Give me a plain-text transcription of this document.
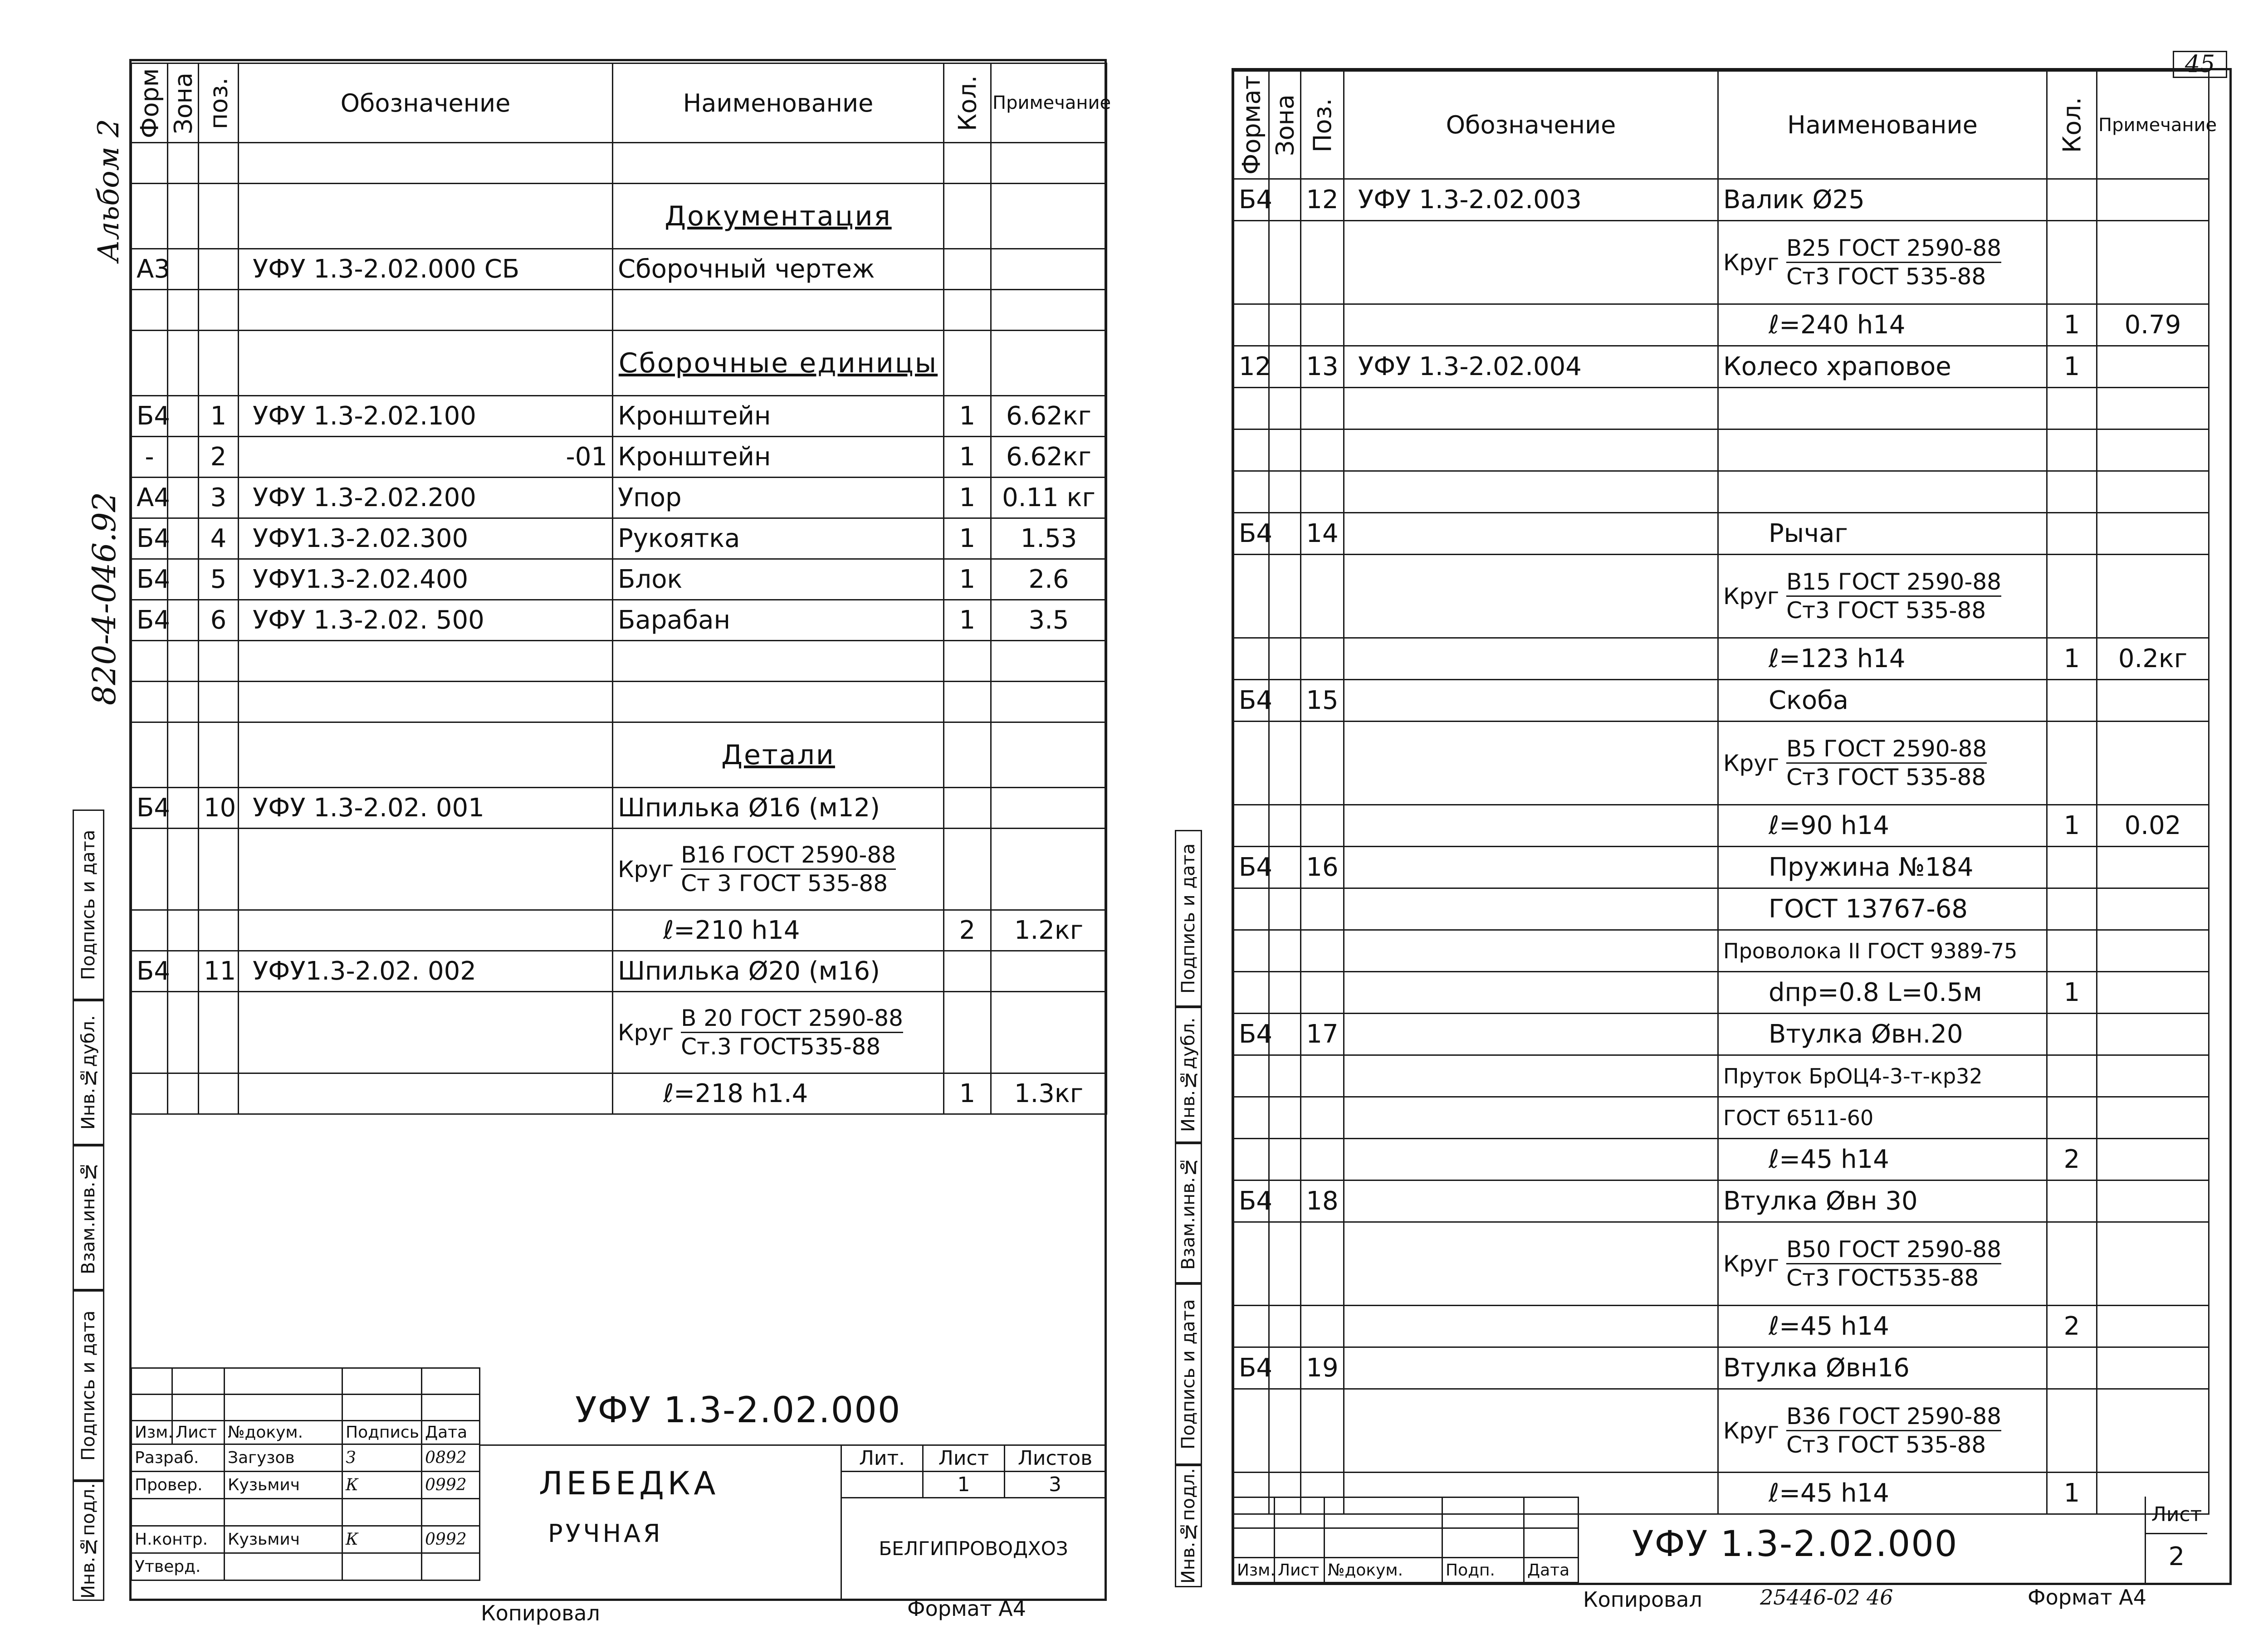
Альбом 2
820-4-046.92
Подпись и дата
Инв.№дубл.
Взам.инв.№
Подпись и дата
Инв.№подл.
Форм	Зона	поз.	Обозначение	Наименование	Кол.	Примечание

				Документация		
А3			УФУ 1.3-2.02.000 СБ	Сборочный чертеж		

				Сборочные единицы		
Б4		1	УФУ 1.3-2.02.100	Кронштейн	1	6.62кг
-		2	-01	Кронштейн	1	6.62кг
А4		3	УФУ 1.3-2.02.200	Упор	1	0.11 кг
Б4		4	УФУ1.3-2.02.300	Рукоятка	1	1.53
Б4		5	УФУ1.3-2.02.400	Блок	1	2.6
Б4		6	УФУ 1.3-2.02. 500	Барабан	1	3.5

				Детали		
Б4		10	УФУ 1.3-2.02. 001	Шпилька Ø16 (м12)		

				Круг $\frac{\text{В16 ГОСТ 2590-88}}{\text{Ст 3 ГОСТ 535-88}}$

				ℓ=210 h14	2	1.2кг
Б4		11	УФУ1.3-2.02. 002	Шпилька Ø20 (м16)		

				Круг $\frac{\text{В 20 ГОСТ 2590-88}}{\text{Ст.3 ГОСТ535-88}}$

				ℓ=218 h1.4	1	1.3кг

Изм.	Лист	№докум.	Подпись	Дата
Разраб.		Загузов	З	0892
Провер.		Кузьмич	К	0992

Н.контр.		Кузьмич	К	0992
Утверд.				
УФУ 1.3-2.02.000
ЛЕБЕДКА
РУЧНАЯ
Лит.	Лист	Листов
	1	3
БЕЛГИПРОВОДХОЗ		
Копировал	Формат А4
Подпись и дата
Инв.№дубл.
Взам.инв.№
Подпись и дата
Инв.№подл.
45
Формат	Зона	Поз.	Обозначение	Наименование	Кол.	Примечание
Б4		12	УФУ 1.3-2.02.003	Валик Ø25		

				Круг $\frac{\text{В25 ГОСТ 2590-88}}{\text{Ст3 ГОСТ 535-88}}$

				ℓ=240 h14	1	0.79
12		13	УФУ 1.3-2.02.004	Колесо храповое	1	

Б4		14		Рычаг		

				Круг $\frac{\text{В15 ГОСТ 2590-88}}{\text{Ст3 ГОСТ 535-88}}$

				ℓ=123 h14	1	0.2кг
Б4		15		Скоба		

				Круг $\frac{\text{В5 ГОСТ 2590-88}}{\text{Ст3 ГОСТ 535-88}}$

				ℓ=90 h14	1	0.02
Б4		16		Пружина №184		
				ГОСТ 13767-68		
				Проволока II ГОСТ 9389-75		
				dпр=0.8 L=0.5м	1	
Б4		17		Втулка Øвн.20		
				Пруток БрОЦ4-3-т-кр32		
				ГОСТ 6511-60		
				ℓ=45 h14	2	
Б4		18		Втулка Øвн 30		

				Круг $\frac{\text{В50 ГОСТ 2590-88}}{\text{Ст3 ГОСТ535-88}}$

				ℓ=45 h14	2	
Б4		19		Втулка Øвн16		

				Круг $\frac{\text{В36 ГОСТ 2590-88}}{\text{Ст3 ГОСТ 535-88}}$

				ℓ=45 h14	1	

Изм.	Лист	№докум.	Подп.	Дата
УФУ 1.3-2.02.000
Лист
2
Копировал	25446-02 46	Формат А4
